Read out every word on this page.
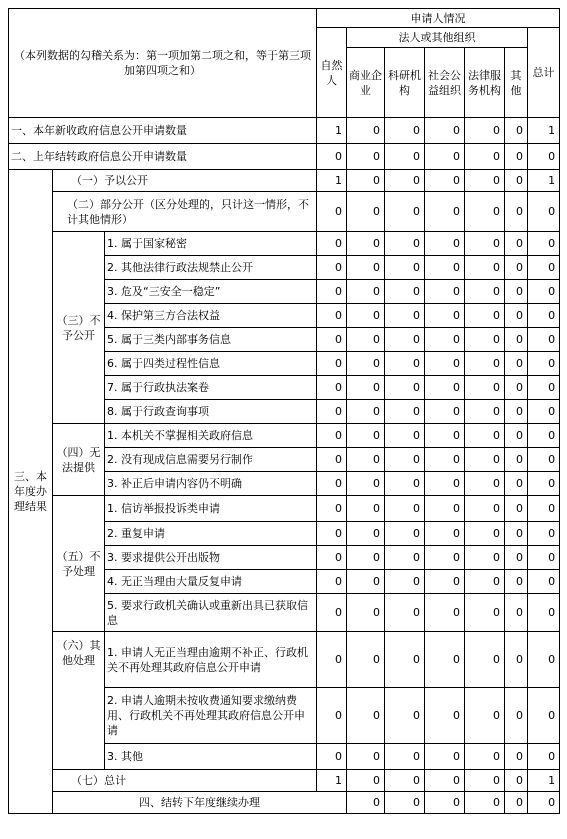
（本列数据的勾稽关系为：第一项加第二项之和，等于第三项加第四项之和）			申请人情况							
			自然人	法人或其他组织					总计	
				商业企业	科研机构	社会公益组织	法律服务机构	其他		
一、本年新收政府信息公开申请数量			1	0	0	0	0	0	1	
二、上年结转政府信息公开申请数量			0	0	0	0	0	0	0	
三、本年度办理结果	（一）予以公开		1	0	0	0	0	0	1	
	（二）部分公开（区分处理的，只计这一情形，不计其他情形）		0	0	0	0	0	0	0	
	（三）不予公开	1. 属于国家秘密	0	0	0	0	0	0	0	
		2. 其他法律行政法规禁止公开	0	0	0	0	0	0	0	
		3. 危及“三安全一稳定”	0	0	0	0	0	0	0	
		4. 保护第三方合法权益	0	0	0	0	0	0	0	
		5. 属于三类内部事务信息	0	0	0	0	0	0	0	
		6. 属于四类过程性信息	0	0	0	0	0	0	0	
		7. 属于行政执法案卷	0	0	0	0	0	0	0	
		8. 属于行政查询事项	0	0	0	0	0	0	0	
	（四）无法提供	1. 本机关不掌握相关政府信息	0	0	0	0	0	0	0	
		2. 没有现成信息需要另行制作	0	0	0	0	0	0	0	
		3. 补正后申请内容仍不明确	0	0	0	0	0	0	0	
	（五）不予处理	1. 信访举报投诉类申请	0	0	0	0	0	0	0	
		2. 重复申请	0	0	0	0	0	0	0	
		3. 要求提供公开出版物	0	0	0	0	0	0	0	
		4. 无正当理由大量反复申请	0	0	0	0	0	0	0	
		5. 要求行政机关确认或重新出具已获取信息	0	0	0	0	0	0	0	
	（六）其他处理	1. 申请人无正当理由逾期不补正、行政机关不再处理其政府信息公开申请	0	0	0	0	0	0	0	
		2. 申请人逾期未按收费通知要求缴纳费用、行政机关不再处理其政府信息公开申请	0	0	0	0	0	0	0	
		3. 其他	0	0	0	0	0	0	0	
	（七）总计		1	0	0	0	0	0	1	
	四、结转下年度继续办理			0	0	0	0	0	0	
